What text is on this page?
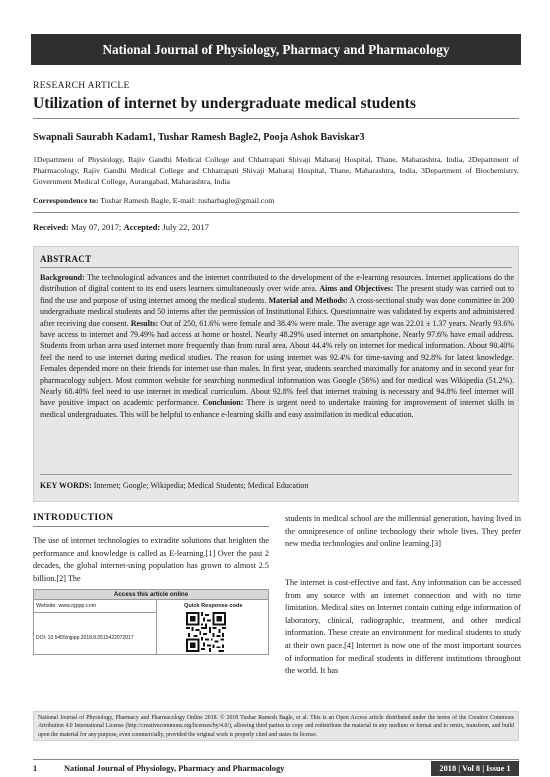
National Journal of Physiology, Pharmacy and Pharmacology
RESEARCH ARTICLE
Utilization of internet by undergraduate medical students
Swapnali Saurabh Kadam1, Tushar Ramesh Bagle2, Pooja Ashok Baviskar3
1Department of Physiology, Rajiv Gandhi Medical College and Chhatrapati Shivaji Maharaj Hospital, Thane, Maharashtra, India, 2Department of Pharmacology, Rajiv Gandhi Medical College and Chhatrapati Shivaji Maharaj Hospital, Thane, Maharashtra, India, 3Department of Biochemistry, Government Medical College, Aurangabad, Maharashtra, India
Correspondence to: Tushar Ramesh Bagle, E-mail: tusharbagle@gmail.com
Received: May 07, 2017; Accepted: July 22, 2017
ABSTRACT
Background: The technological advances and the internet contributed to the development of the e-learning resources. Internet applications do the distribution of digital content to its end users learners simultaneously over wide area. Aims and Objectives: The present study was carried out to find the use and purpose of using internet among the medical students. Material and Methods: A cross-sectional study was done committee in 200 undergraduate medical students and 50 interns after the permission of Institutional Ethics. Questionnaire was validated by experts and administered after receiving due consent. Results: Out of 250, 61.6% were female and 38.4% were male. The average age was 22.01 ± 1.37 years. Nearly 93.6% have access to internet and 79.49% had access at home or hostel. Nearly 48.29% used internet on smartphone. Nearly 97.6% have email address. Students from urban area used internet more frequently than from rural area. About 44.4% rely on internet for medical information. About 90.40% feel the need to use internet during medical studies. The reason for using internet was 92.4% for time-saving and 92.8% for latest knowledge. Females depended more on their friends for internet use than males. In first year, students searched maximally for anatomy and in second year for pharmacology subject. Most common website for searching nonmedical information was Google (56%) and for medical was Wikipedia (51.2%). Nearly 68.40% feel need to use internet in medical curriculum. About 92.8% feel that internet training is necessary and 94.8% feel internet will have positive impact on academic performance. Conclusion: There is urgent need to undertake training for improvement of internet skills in medical undergraduates. This will be helpful to enhance e-learning skills and easy assimilation in medical education.
KEY WORDS: Internet; Google; Wikipedia; Medical Students; Medical Education
INTRODUCTION
The use of internet technologies to extradite solutions that heighten the performance and knowledge is called as E-learning.[1] Over the past 2 decades, the global internet-using population has grown to almost 2.5 billion.[2] The
Access this article online
Website: www.njppp.com	Quick Response code
DOI: 10.5455/njppp.2018.8.0515422072017
students in medical school are the millennial generation, having lived in the omnipresence of online technology their whole lives. They prefer new media technologies and online learning.[3]
The internet is cost-effective and fast. Any information can be accessed from any source with an internet connection and with no time limitation. Medical sites on Internet contain cutting edge information of laboratory, clinical, radiographic, treatment, and other medical information. These create an environment for medical students to study at their own pace.[4] Internet is now one of the most important sources of information for medical students in different institutions throughout the world. It has
National Journal of Physiology, Pharmacy and Pharmacology Online 2018. © 2018 Tushar Ramesh Bagle, et al. This is an Open Access article distributed under the terms of the Creative Commons Attribution 4.0 International License (http://creativecommons.org/licenses/by/4.0/), allowing third parties to copy and redistribute the material in any medium or format and to remix, transform, and build upon the material for any purpose, even commercially, provided the original work is properly cited and states its license.
1	National Journal of Physiology, Pharmacy and Pharmacology	2018 | Vol 8 | Issue 1
